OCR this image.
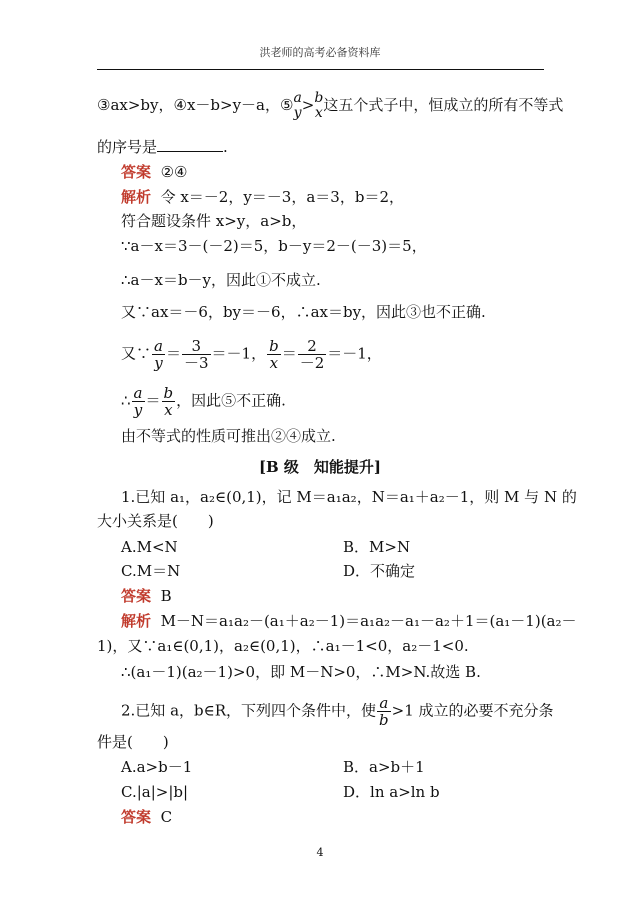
洪老师的高考必备资料库
③ax>by，④x－b>y－a，⑤ a
y > b
x 这五个式子中，恒成立的所有不等式
的序号是	.
答案 ②④
解析 令 x＝－2，y＝－3，a＝3，b＝2，
符合题设条件 x>y，a>b，
∵a－x＝3－(－2)＝5，b－y＝2－(－3)＝5，
∴a－x＝b－y，因此①不成立.
又∵ax＝－6，by＝－6，∴ax＝by，因此③也不正确.
又∵ $\frac{a}{y} = \frac{3}{-3} =-1$， $\frac{b}{x} = \frac{2}{-2} =-1$，
∴ $\frac{a}{y} = \frac{b}{x}$ ，因此⑤不正确.
由不等式的性质可推出②④成立.
[B 级　知能提升]
1.已知 a₁，a₂∈(0,1)，记 M＝a₁a₂，N＝a₁＋a₂－1，则 M 与 N 的
大小关系是(　　)
A.M<N	B．M>N
C.M＝N	D．不确定
答案 B
解析 M－N＝a₁a₂－(a₁＋a₂－1)＝a₁a₂－a₁－a₂＋1＝(a₁－1)(a₂－
1)，又∵a₁∈(0,1)，a₂∈(0,1)，∴a₁－1<0，a₂－1<0.
∴(a₁－1)(a₂－1)>0，即 M－N>0，∴M>N.故选 B.
2.已知 a，b∈R，下列四个条件中，使 $\frac{a}{b} >1$ 成立的必要不充分条
件是(　　)
A.a>b－1	B．a>b＋1
C.|a|>|b|	D．ln a>ln b
答案 C
4
